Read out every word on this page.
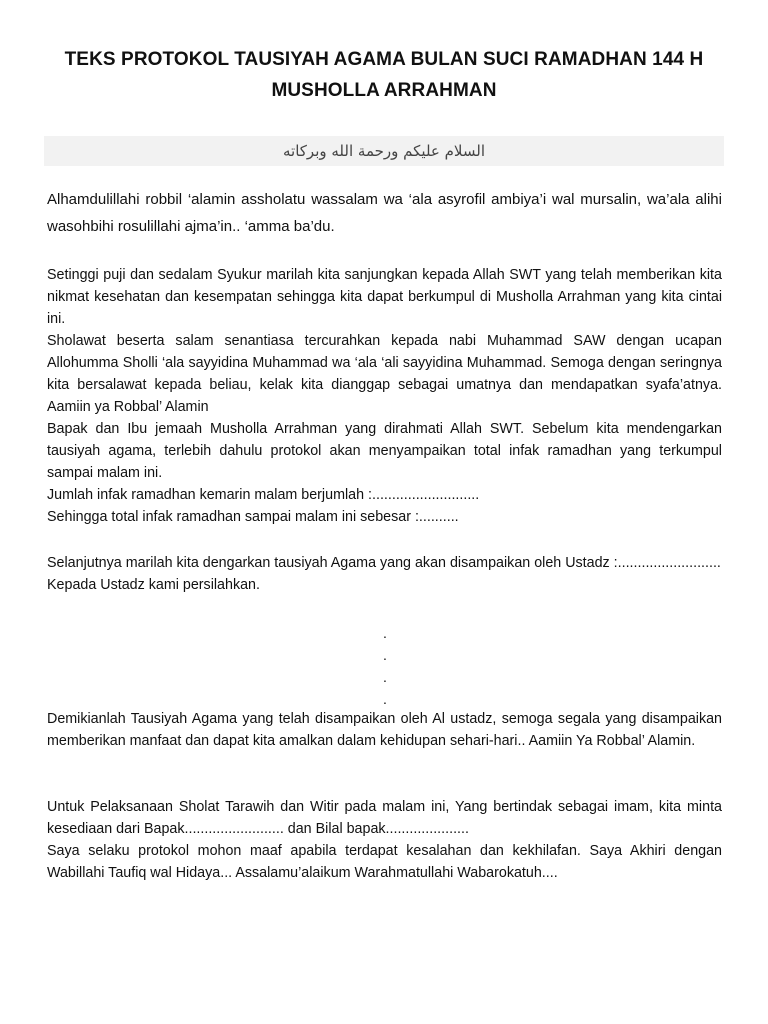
TEKS PROTOKOL TAUSIYAH AGAMA BULAN SUCI RAMADHAN 144 H
MUSHOLLA ARRAHMAN
السلام عليكم ورحمة الله وبركاته

Alhamdulillahi robbil ‘alamin assholatu wassalam wa ‘ala asyrofil ambiya’i wal mursalin, wa’ala alihi wasohbihi rosulillahi ajma’in.. ‘amma ba’du.

Setinggi puji dan sedalam Syukur marilah kita sanjungkan kepada Allah SWT yang telah memberikan kita nikmat kesehatan dan kesempatan sehingga kita dapat berkumpul di Musholla Arrahman yang kita cintai ini.

Sholawat beserta salam senantiasa tercurahkan kepada nabi Muhammad SAW dengan ucapan Allohumma Sholli ‘ala sayyidina Muhammad wa ‘ala ‘ali sayyidina Muhammad. Semoga dengan seringnya kita bersalawat kepada beliau, kelak kita dianggap sebagai umatnya dan mendapatkan syafa’atnya. Aamiin ya Robbal’ Alamin

Bapak dan Ibu jemaah Musholla Arrahman yang dirahmati Allah SWT. Sebelum kita mendengarkan tausiyah agama, terlebih dahulu protokol akan menyampaikan total infak ramadhan yang terkumpul sampai malam ini.

Jumlah infak ramadhan kemarin malam berjumlah :...........................

Sehingga total infak ramadhan sampai malam ini sebesar :..........

Selanjutnya marilah kita dengarkan tausiyah Agama yang akan disampaikan oleh Ustadz :..........................

Kepada Ustadz kami persilahkan.

.
.
.
.

Demikianlah Tausiyah Agama yang telah disampaikan oleh Al ustadz, semoga segala yang disampaikan memberikan manfaat dan dapat kita amalkan dalam kehidupan sehari-hari.. Aamiin Ya Robbal’ Alamin.

Untuk Pelaksanaan Sholat Tarawih dan Witir pada malam ini, Yang bertindak sebagai imam, kita minta kesediaan dari Bapak......................... dan Bilal bapak.....................

Saya selaku protokol mohon maaf apabila terdapat kesalahan dan kekhilafan. Saya Akhiri dengan Wabillahi Taufiq wal Hidaya... Assalamu’alaikum Warahmatullahi Wabarokatuh....
